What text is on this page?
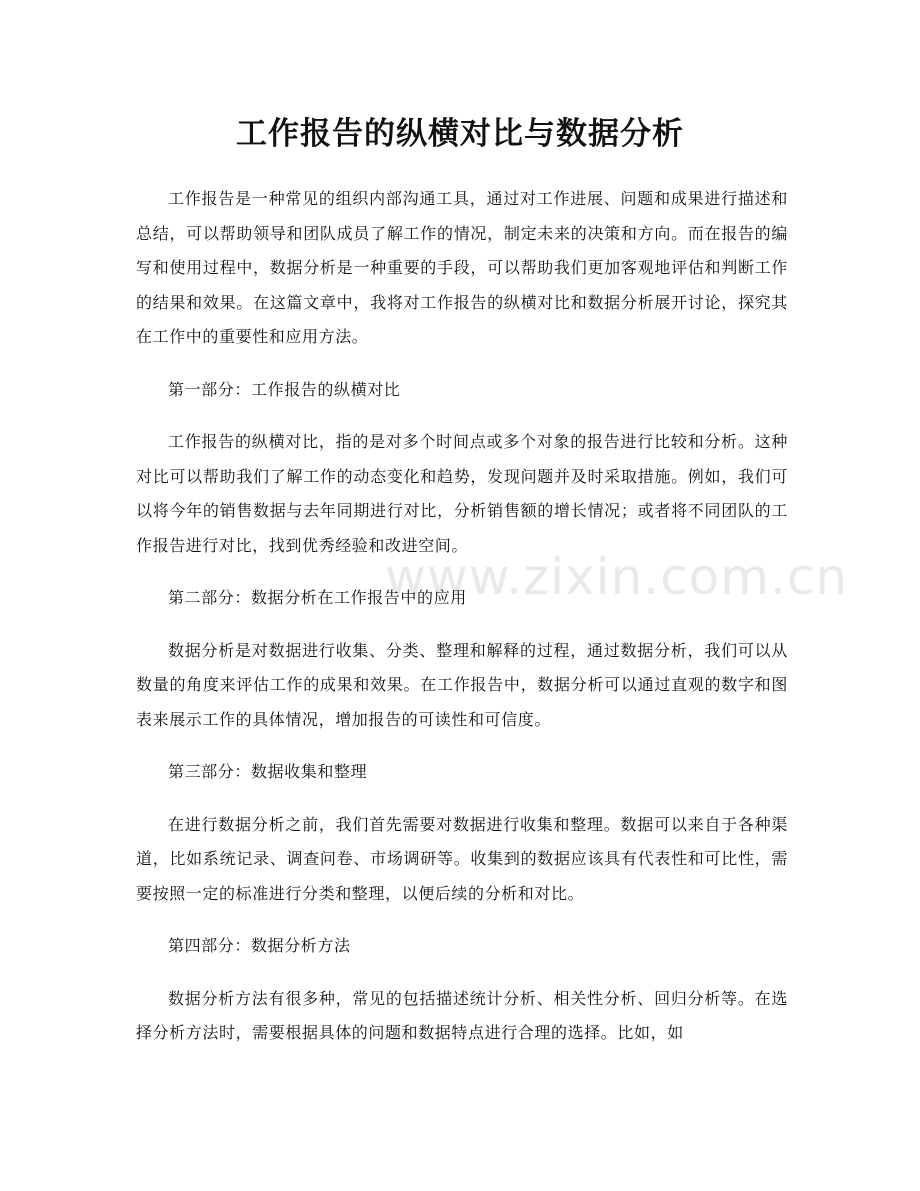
www.zixin.com.cn
工作报告的纵横对比与数据分析

工作报告是一种常见的组织内部沟通工具，通过对工作进展、问题和成果进行描述和总结，可以帮助领导和团队成员了解工作的情况，制定未来的决策和方向。而在报告的编写和使用过程中，数据分析是一种重要的手段，可以帮助我们更加客观地评估和判断工作的结果和效果。在这篇文章中，我将对工作报告的纵横对比和数据分析展开讨论，探究其在工作中的重要性和应用方法。

第一部分：工作报告的纵横对比

工作报告的纵横对比，指的是对多个时间点或多个对象的报告进行比较和分析。这种对比可以帮助我们了解工作的动态变化和趋势，发现问题并及时采取措施。例如，我们可以将今年的销售数据与去年同期进行对比，分析销售额的增长情况；或者将不同团队的工作报告进行对比，找到优秀经验和改进空间。

第二部分：数据分析在工作报告中的应用

数据分析是对数据进行收集、分类、整理和解释的过程，通过数据分析，我们可以从数量的角度来评估工作的成果和效果。在工作报告中，数据分析可以通过直观的数字和图表来展示工作的具体情况，增加报告的可读性和可信度。

第三部分：数据收集和整理

在进行数据分析之前，我们首先需要对数据进行收集和整理。数据可以来自于各种渠道，比如系统记录、调查问卷、市场调研等。收集到的数据应该具有代表性和可比性，需要按照一定的标准进行分类和整理，以便后续的分析和对比。

第四部分：数据分析方法

数据分析方法有很多种，常见的包括描述统计分析、相关性分析、回归分析等。在选择分析方法时，需要根据具体的问题和数据特点进行合理的选择。比如，如
